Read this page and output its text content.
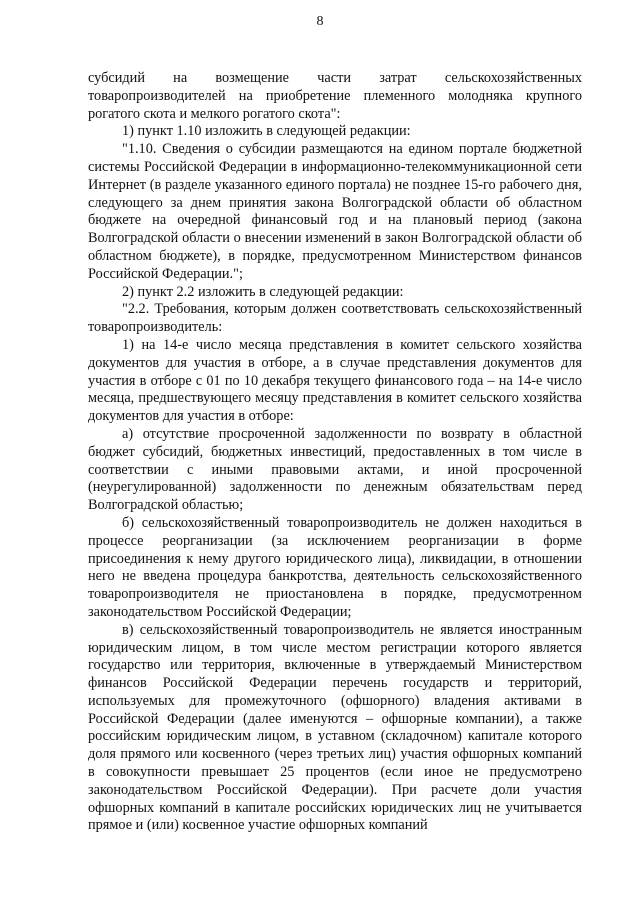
8

субсидий на возмещение части затрат сельскохозяйственных товаропроизводителей на приобретение племенного молодняка крупного рогатого скота и мелкого рогатого скота":

1) пункт 1.10 изложить в следующей редакции:

"1.10. Сведения о субсидии размещаются на едином портале бюджетной системы Российской Федерации в информационно-телекоммуникационной сети Интернет (в разделе указанного единого портала) не позднее 15-го рабочего дня, следующего за днем принятия закона Волгоградской области об областном бюджете на очередной финансовый год и на плановый период (закона Волгоградской области о внесении изменений в закон Волгоградской области об областном бюджете), в порядке, предусмотренном Министерством финансов Российской Федерации.";

2) пункт 2.2 изложить в следующей редакции:

"2.2. Требования, которым должен соответствовать сельскохозяйственный товаропроизводитель:

1) на 14-е число месяца представления в комитет сельского хозяйства документов для участия в отборе, а в случае представления документов для участия в отборе с 01 по 10 декабря текущего финансового года – на 14-е число месяца, предшествующего месяцу представления в комитет сельского хозяйства документов для участия в отборе:

а) отсутствие просроченной задолженности по возврату в областной бюджет субсидий, бюджетных инвестиций, предоставленных в том числе в соответствии с иными правовыми актами, и иной просроченной (неурегулированной) задолженности по денежным обязательствам перед Волгоградской областью;

б) сельскохозяйственный товаропроизводитель не должен находиться в процессе реорганизации (за исключением реорганизации в форме присоединения к нему другого юридического лица), ликвидации, в отношении него не введена процедура банкротства, деятельность сельскохозяйственного товаропроизводителя не приостановлена в порядке, предусмотренном законодательством Российской Федерации;

в) сельскохозяйственный товаропроизводитель не является иностранным юридическим лицом, в том числе местом регистрации которого является государство или территория, включенные в утверждаемый Министерством финансов Российской Федерации перечень государств и территорий, используемых для промежуточного (офшорного) владения активами в Российской Федерации (далее именуются – офшорные компании), а также российским юридическим лицом, в уставном (складочном) капитале которого доля прямого или косвенного (через третьих лиц) участия офшорных компаний в совокупности превышает 25 процентов (если иное не предусмотрено законодательством Российской Федерации). При расчете доли участия офшорных компаний в капитале российских юридических лиц не учитывается прямое и (или) косвенное участие офшорных компаний
